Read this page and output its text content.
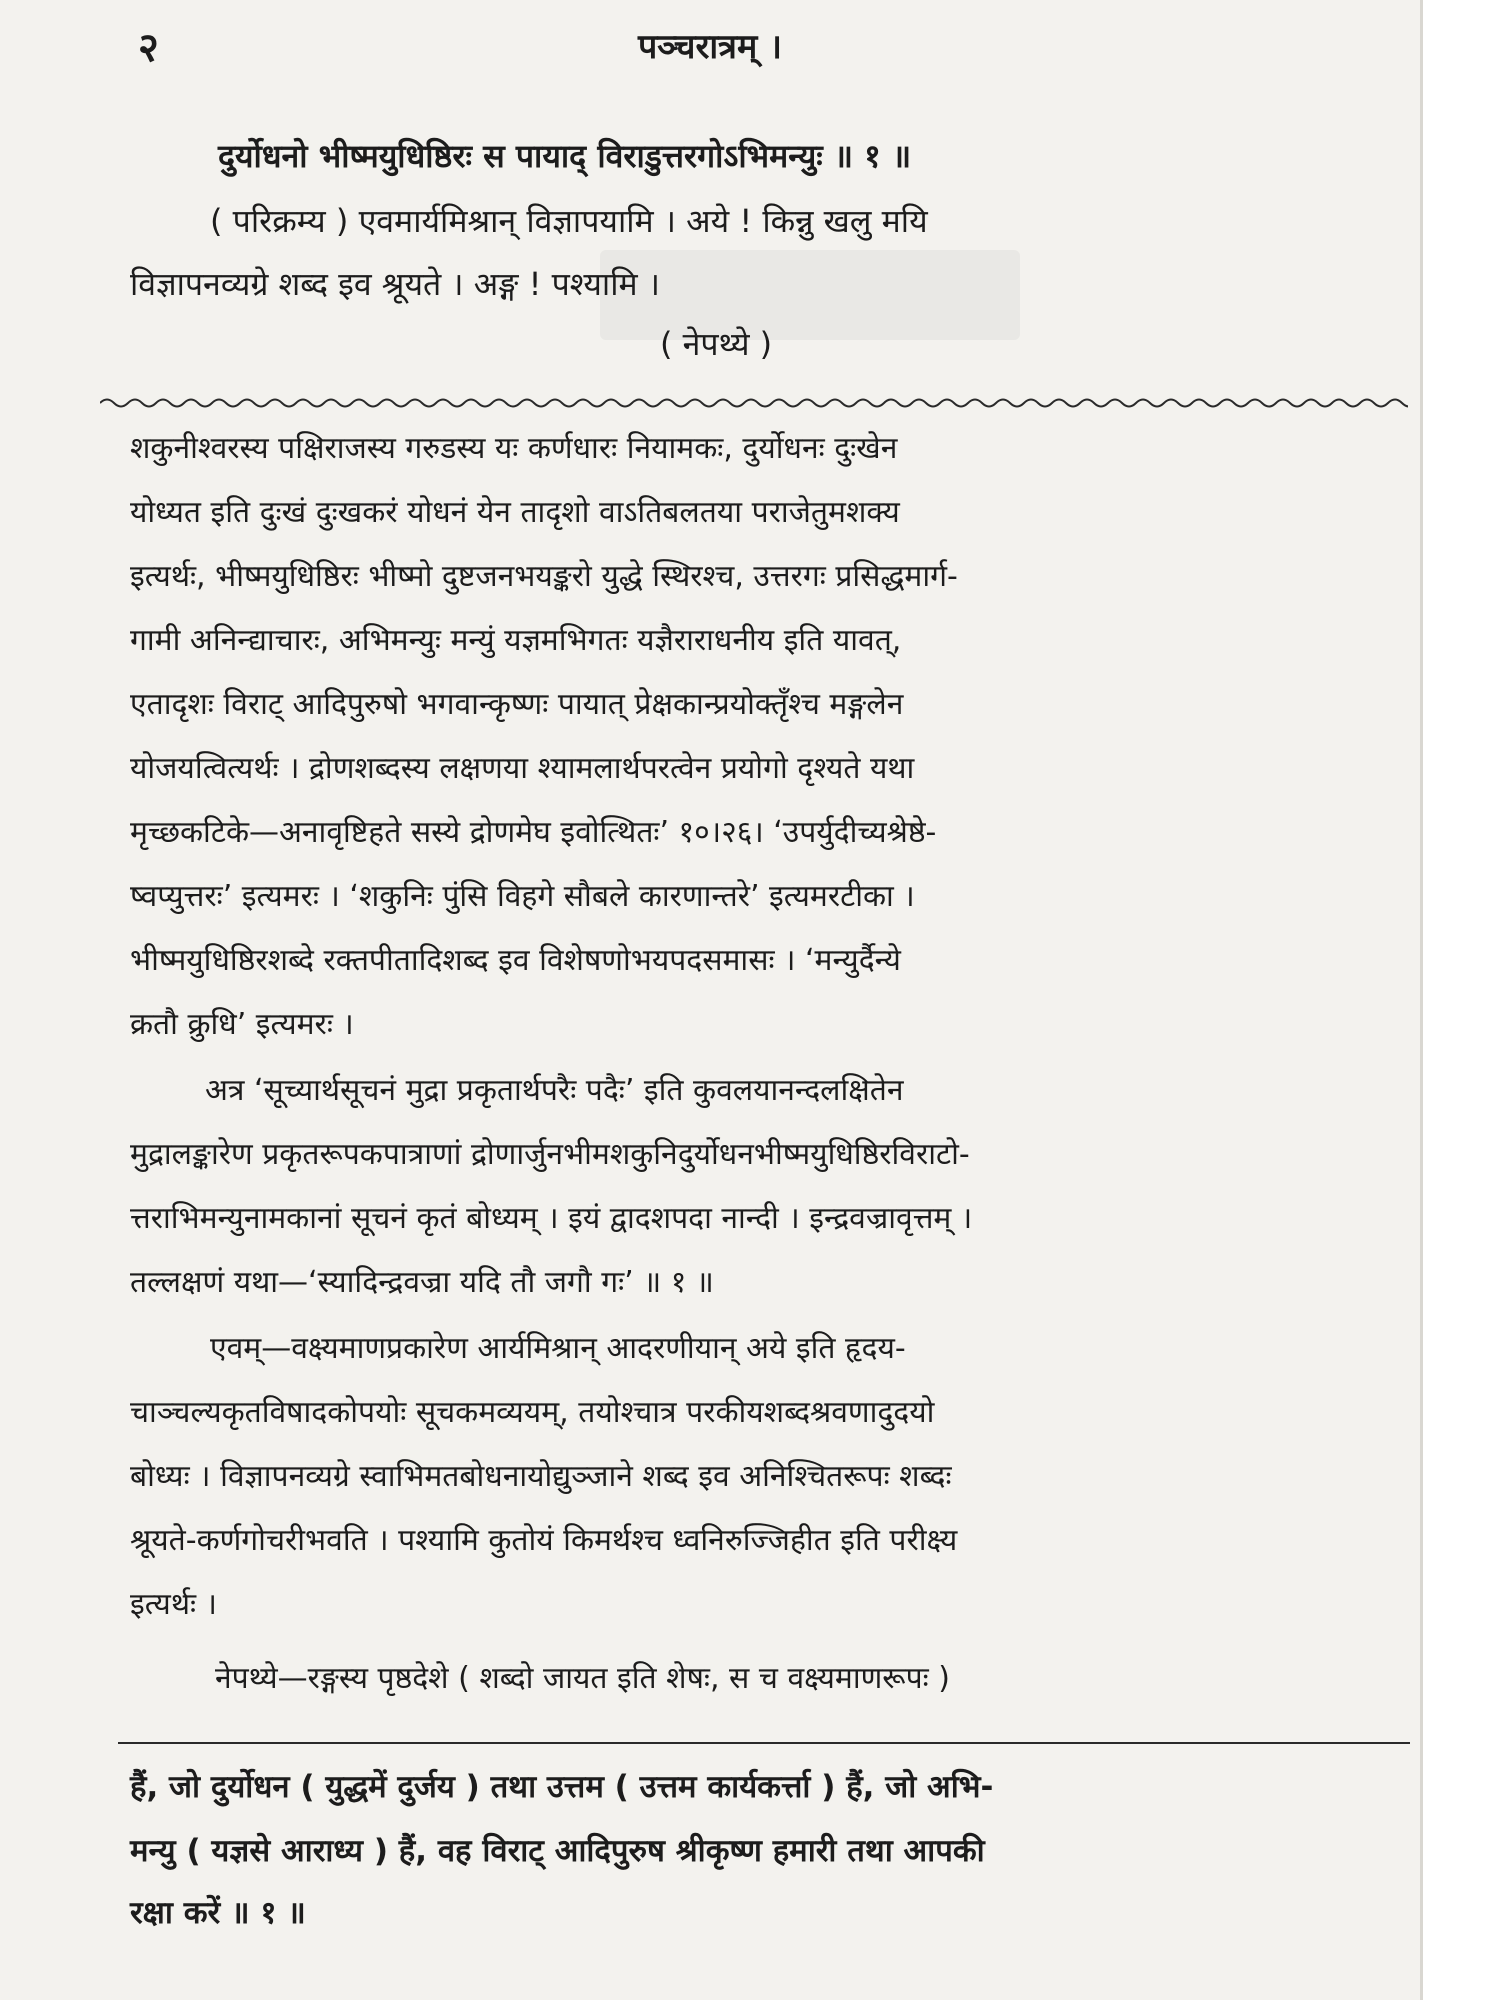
२	पञ्चरात्रम् ।
दुर्योधनो भीष्मयुधिष्ठिरः स पायाद् विराडुत्तरगोऽभिमन्युः ॥ १ ॥
( परिक्रम्य ) एवमार्यमिश्रान् विज्ञापयामि । अये ! किन्नु खलु मयि
विज्ञापनव्यग्रे शब्द इव श्रूयते । अङ्ग ! पश्यामि ।
( नेपथ्ये )
शकुनीश्वरस्य पक्षिराजस्य गरुडस्य यः कर्णधारः नियामकः, दुर्योधनः दुःखेन
योध्यत इति दुःखं दुःखकरं योधनं येन तादृशो वाऽतिबलतया पराजेतुमशक्य
इत्यर्थः, भीष्मयुधिष्ठिरः भीष्मो दुष्टजनभयङ्करो युद्धे स्थिरश्च, उत्तरगः प्रसिद्धमार्ग-
गामी अनिन्द्याचारः, अभिमन्युः मन्युं यज्ञमभिगतः यज्ञैराराधनीय इति यावत्,
एतादृशः विराट् आदिपुरुषो भगवान्कृष्णः पायात् प्रेक्षकान्प्रयोक्तृँश्च मङ्गलेन
योजयत्वित्यर्थः । द्रोणशब्दस्य लक्षणया श्यामलार्थपरत्वेन प्रयोगो दृश्यते यथा
मृच्छकटिके—अनावृष्टिहते सस्ये द्रोणमेघ इवोत्थितः’ १०।२६। ‘उपर्युदीच्यश्रेष्ठे-
ष्वप्युत्तरः’ इत्यमरः । ‘शकुनिः पुंसि विहगे सौबले कारणान्तरे’ इत्यमरटीका ।
भीष्मयुधिष्ठिरशब्दे रक्तपीतादिशब्द इव विशेषणोभयपदसमासः । ‘मन्युर्दैन्ये
क्रतौ क्रुधि’ इत्यमरः ।
अत्र ‘सूच्यार्थसूचनं मुद्रा प्रकृतार्थपरैः पदैः’ इति कुवलयानन्दलक्षितेन
मुद्रालङ्कारेण प्रकृतरूपकपात्राणां द्रोणार्जुनभीमशकुनिदुर्योधनभीष्मयुधिष्ठिरविराटो-
त्तराभिमन्युनामकानां सूचनं कृतं बोध्यम् । इयं द्वादशपदा नान्दी । इन्द्रवज्रावृत्तम् ।
तल्लक्षणं यथा—‘स्यादिन्द्रवज्रा यदि तौ जगौ गः’ ॥ १ ॥
एवम्—वक्ष्यमाणप्रकारेण आर्यमिश्रान् आदरणीयान् अये इति हृदय-
चाञ्चल्यकृतविषादकोपयोः सूचकमव्ययम्, तयोश्चात्र परकीयशब्दश्रवणादुदयो
बोध्यः । विज्ञापनव्यग्रे स्वाभिमतबोधनायोद्युञ्जाने शब्द इव अनिश्चितरूपः शब्दः
श्रूयते-कर्णगोचरीभवति । पश्यामि कुतोयं किमर्थश्च ध्वनिरुज्जिहीत इति परीक्ष्य
इत्यर्थः ।
नेपथ्ये—रङ्गस्य पृष्ठदेशे ( शब्दो जायत इति शेषः, स च वक्ष्यमाणरूपः )
हैं, जो दुर्योधन ( युद्धमें दुर्जय ) तथा उत्तम ( उत्तम कार्यकर्त्ता ) हैं, जो अभि-
मन्यु ( यज्ञसे आराध्य ) हैं, वह विराट् आदिपुरुष श्रीकृष्ण हमारी तथा आपकी
रक्षा करें ॥ १ ॥
